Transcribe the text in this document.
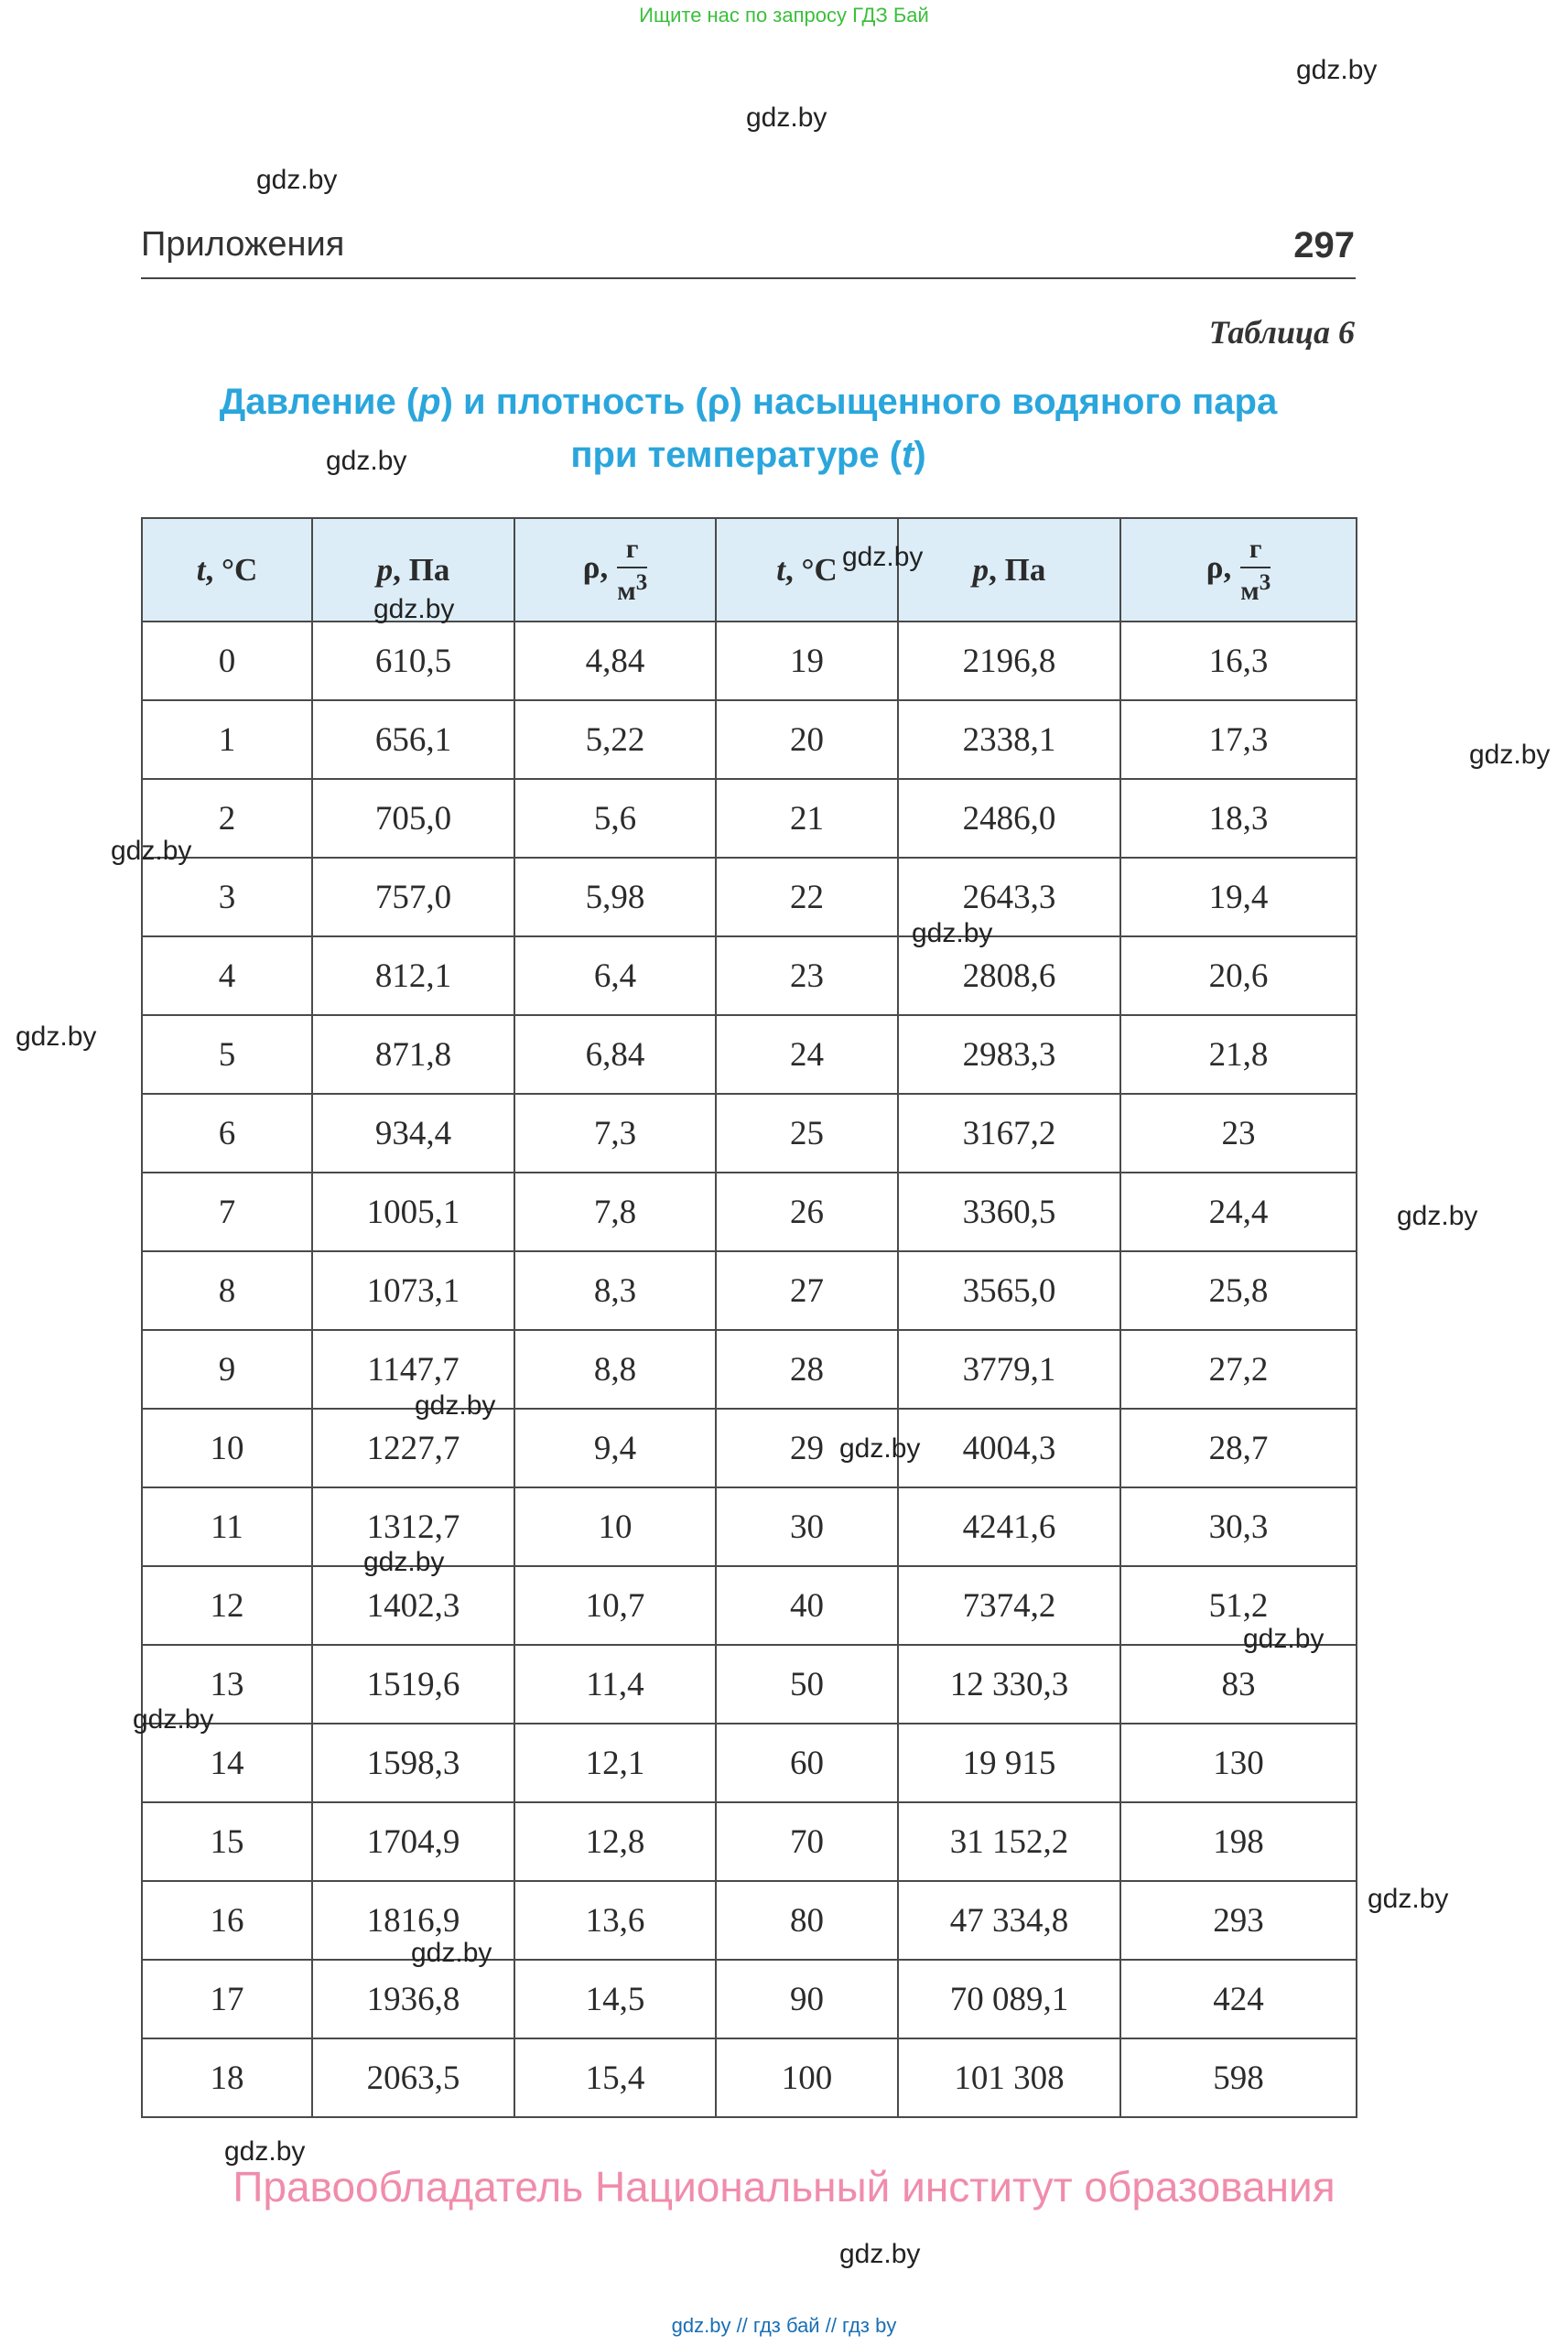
Ищите нас по запросу ГДЗ Бай
Приложения	297
Таблица 6
Давление (p) и плотность (ρ) насыщенного водяного пара
при температуре (t)
t, °C	p, Па	ρ, $\frac{г}{м^3}$	t, °C	p, Па	ρ, $\frac{г}{м^3}$

0	610,5	4,84	19	2196,8	16,3
1	656,1	5,22	20	2338,1	17,3
2	705,0	5,6	21	2486,0	18,3
3	757,0	5,98	22	2643,3	19,4
4	812,1	6,4	23	2808,6	20,6
5	871,8	6,84	24	2983,3	21,8
6	934,4	7,3	25	3167,2	23
7	1005,1	7,8	26	3360,5	24,4
8	1073,1	8,3	27	3565,0	25,8
9	1147,7	8,8	28	3779,1	27,2
10	1227,7	9,4	29	4004,3	28,7
11	1312,7	10	30	4241,6	30,3
12	1402,3	10,7	40	7374,2	51,2
13	1519,6	11,4	50	12 330,3	83
14	1598,3	12,1	60	19 915	130
15	1704,9	12,8	70	31 152,2	198
16	1816,9	13,6	80	47 334,8	293
17	1936,8	14,5	90	70 089,1	424
18	2063,5	15,4	100	101 308	598
gdz.by
gdz.by
gdz.by
gdz.by
gdz.by
gdz.by
gdz.by
gdz.by
gdz.by
gdz.by
gdz.by
gdz.by
gdz.by
gdz.by
gdz.by
gdz.by
gdz.by
gdz.by
gdz.by
gdz.by
Правообладатель Национальный институт образования
gdz.by // гдз бай // гдз by
